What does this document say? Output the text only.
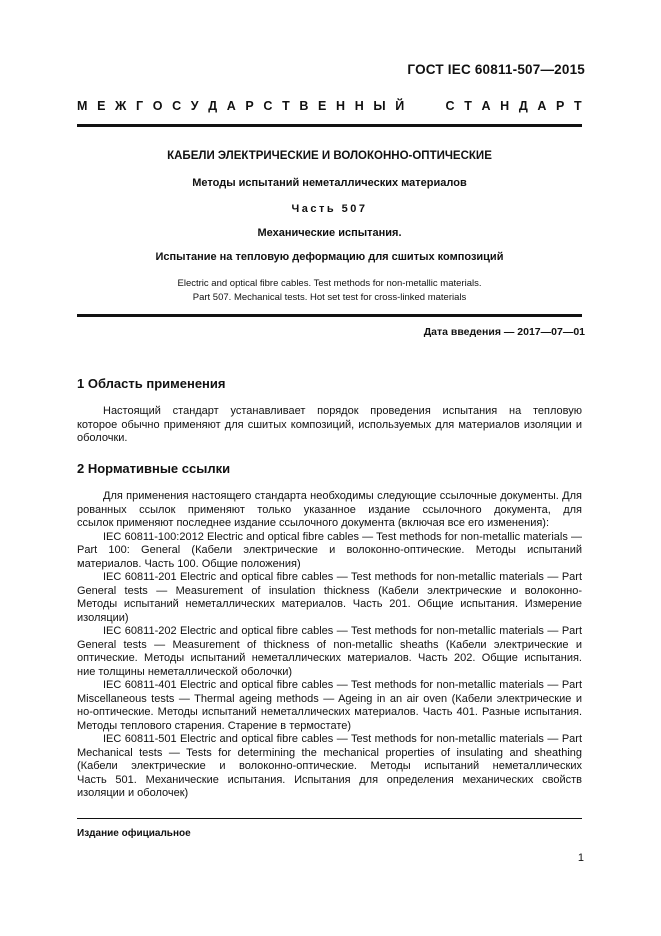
ГОСТ IEC 60811-507—2015
М Е Ж Г О С У Д А Р С Т В Е Н Н Ы Й	С Т А Н Д А Р Т
КАБЕЛИ ЭЛЕКТРИЧЕСКИЕ И ВОЛОКОННО-ОПТИЧЕСКИЕ
Методы испытаний неметаллических материалов
Часть 507
Механические испытания.
Испытание на тепловую деформацию для сшитых композиций
Electric and optical fibre cables. Test methods for non-metallic materials.
Part 507. Mechanical tests. Hot set test for cross-linked materials
Дата введения — 2017—07—01
1 Область применения
Настоящий стандарт устанавливает порядок проведения испытания на тепловую
которое обычно применяют для сшитых композиций, используемых для материалов изоляции и
оболочки.
2 Нормативные ссылки
Для применения настоящего стандарта необходимы следующие ссылочные документы. Для
рованных ссылок применяют только указанное издание ссылочного документа, для
ссылок применяют последнее издание ссылочного документа (включая все его изменения):
IEC 60811-100:2012 Electric and optical fibre cables — Test methods for non-metallic materials —
Part 100: General (Кабели электрические и волоконно-оптические. Методы испытаний
материалов. Часть 100. Общие положения)
IEC 60811-201 Electric and optical fibre cables — Test methods for non-metallic materials — Part
General tests — Measurement of insulation thickness (Кабели электрические и волоконно-
Методы испытаний неметаллических материалов. Часть 201. Общие испытания. Измерение
изоляции)
IEC 60811-202 Electric and optical fibre cables — Test methods for non-metallic materials — Part
General tests — Measurement of thickness of non-metallic sheaths (Кабели электрические и
оптические. Методы испытаний неметаллических материалов. Часть 202. Общие испытания.
ние толщины неметаллической оболочки)
IEC 60811-401 Electric and optical fibre cables — Test methods for non-metallic materials — Part
Miscellaneous tests — Thermal ageing methods — Ageing in an air oven (Кабели электрические и
но-оптические. Методы испытаний неметаллических материалов. Часть 401. Разные испытания.
Методы теплового старения. Старение в термостате)
IEC 60811-501 Electric and optical fibre cables — Test methods for non-metallic materials — Part
Mechanical tests — Tests for determining the mechanical properties of insulating and sheathing
(Кабели электрические и волоконно-оптические. Методы испытаний неметаллических
Часть 501. Механические испытания. Испытания для определения механических свойств
изоляции и оболочек)
Издание официальное
1
